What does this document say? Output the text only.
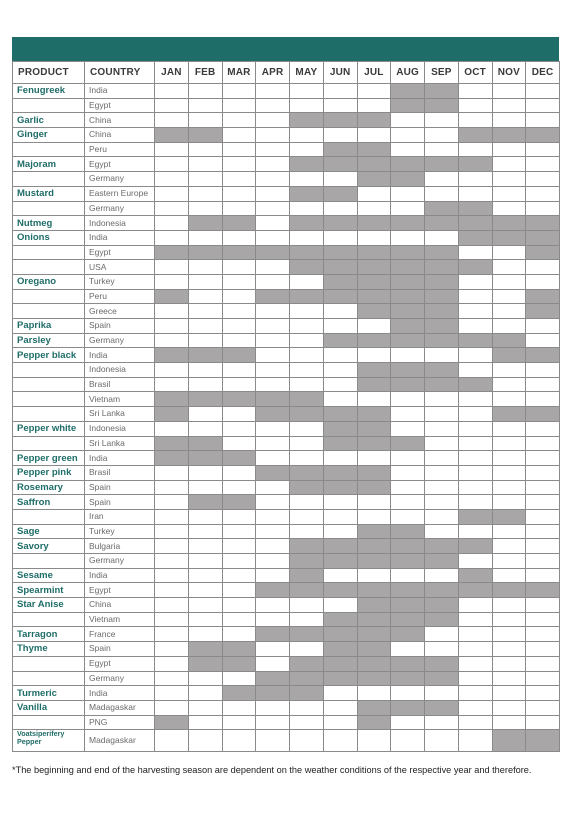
PRODUCT	COUNTRY	JAN	FEB	MAR	APR	MAY	JUN	JUL	AUG	SEP	OCT	NOV	DEC
Fenugreek	India												
	Egypt												
Garlic	China												
Ginger	China												
	Peru												
Majoram	Egypt												
	Germany												
Mustard	Eastern Europe												
	Germany												
Nutmeg	Indonesia												
Onions	India												
	Egypt												
	USA												
Oregano	Turkey												
	Peru												
	Greece												
Paprika	Spain												
Parsley	Germany												
Pepper black	India												
	Indonesia												
	Brasil												
	Vietnam												
	Sri Lanka												
Pepper white	Indonesia												
	Sri Lanka												
Pepper green	India												
Pepper pink	Brasil												
Rosemary	Spain												
Saffron	Spain												
	Iran												
Sage	Turkey												
Savory	Bulgaria												
	Germany												
Sesame	India												
Spearmint	Egypt												
Star Anise	China												
	Vietnam												
Tarragon	France												
Thyme	Spain												
	Egypt												
	Germany												
Turmeric	India												
Vanilla	Madagaskar												
	PNG												
Voatsiperifery Pepper	Madagaskar												
*The beginning and end of the harvesting season are dependent on the weather conditions of the respective year and therefore.
